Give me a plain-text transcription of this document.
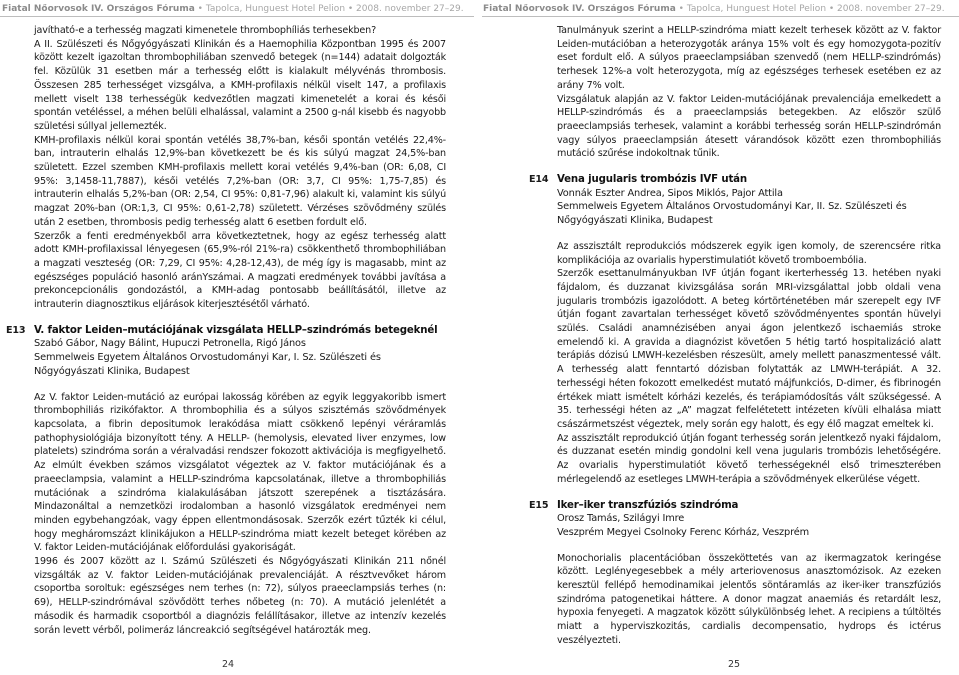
Fiatal Nőorvosok IV. Országos Fóruma • Tapolca, Hunguest Hotel Pelion • 2008. november 27–29.	Fiatal Nőorvosok IV. Országos Fóruma • Tapolca, Hunguest Hotel Pelion • 2008. november 27–29.

javítható-e a terhesség magzati kimenetele thrombophíliás terhesekben?

A II. Szülészeti és Nőgyógyászati Klinikán és a Haemophilia Központban 1995 és 2007 között kezelt igazoltan thrombophiliában szenvedő betegek (n=144) adatait dolgozták fel. Közülük 31 esetben már a terhesség előtt is kialakult mélyvénás thrombosis. Összesen 285 terhességet vizsgálva, a KMH-profilaxis nélkül viselt 147, a profilaxis mellett viselt 138 terhességük kedvezőtlen magzati kimenetelét a korai és késői spontán vetéléssel, a méhen belüli elhalással, valamint a 2500 g-nál kisebb és nagyobb születési súllyal jellemezték.

KMH-profilaxis nélkül korai spontán vetélés 38,7%-ban, késői spontán vetélés 22,4%-ban, intrauterin elhalás 12,9%-ban következett be és kis súlyú magzat 24,5%-ban született. Ezzel szemben KMH-profilaxis mellett korai vetélés 9,4%-ban (OR: 6,08, CI 95%: 3,1458-11,7887), késői vetélés 7,2%-ban (OR: 3,7, CI 95%: 1,75-7,85) és intrauterin elhalás 5,2%-ban (OR: 2,54, CI 95%: 0,81-7,96) alakult ki, valamint kis súlyú magzat 20%-ban (OR:1,3, CI 95%: 0,61-2,78) született. Vérzéses szövődmény szülés után 2 esetben, thrombosis pedig terhesség alatt 6 esetben fordult elő.

Szerzők a fenti eredményekből arra következtetnek, hogy az egész terhesség alatt adott KMH-profilaxissal lényegesen (65,9%-ról 21%-ra) csökkenthető thrombophiliában a magzati veszteség (OR: 7,29, CI 95%: 4,28-12,43), de még így is magasabb, mint az egészséges populáció hasonló aránYszámai. A magzati eredmények további javítása a prekoncepcionális gondozástól, a KMH-adag pontosabb beállításától, illetve az intrauterin diagnosztikus eljárások kiterjesztésétől várható.

E13 V. faktor Leiden–mutációjának vizsgálata HELLP–szindrómás betegeknél
Szabó Gábor, Nagy Bálint, Hupuczi Petronella, Rigó János
Semmelweis Egyetem Általános Orvostudományi Kar, I. Sz. Szülészeti és Nőgyógyászati Klinika, Budapest

Az V. faktor Leiden-mutáció az európai lakosság körében az egyik leggyakoribb ismert thrombophiliás rizikófaktor. A thrombophilia és a súlyos szisztémás szövődmények kapcsolata, a fibrin depositumok lerakódása miatt csökkenő lepényi véráramlás pathophysiológiája bizonyított tény. A HELLP- (hemolysis, elevated liver enzymes, low platelets) szindróma során a véralvadási rendszer fokozott aktivációja is megfigyelhető. Az elmúlt években számos vizsgálatot végeztek az V. faktor mutációjának és a praeeclampsia, valamint a HELLP-szindróma kapcsolatának, illetve a thrombophiliás mutációnak a szindróma kialakulásában játszott szerepének a tisztázására. Mindazonáltal a nemzetközi irodalomban a hasonló vizsgálatok eredményei nem minden egybehangzóak, vagy éppen ellentmondásosak. Szerzők ezért tűzték ki célul, hogy megháromszázt klinikájukon a HELLP-szindróma miatt kezelt beteget körében az V. faktor Leiden-mutációjának előfordulási gyakoriságát.

1996 és 2007 között az I. Számú Szülészeti és Nőgyógyászati Klinikán 211 nőnél vizsgálták az V. faktor Leiden-mutációjának prevalenciáját. A résztvevőket három csoportba soroltuk: egészséges nem terhes (n: 72), súlyos praeeclampsiás terhes (n: 69), HELLP-szindrómával szövődött terhes nőbeteg (n: 70). A mutáció jelenlétét a második és harmadik csoportból a diagnózis felállításakor, illetve az intenzív kezelés során levett vérből, polimeráz láncreakció segítségével határozták meg.

Tanulmányuk szerint a HELLP-szindróma miatt kezelt terhesek között az V. faktor Leiden-mutációban a heterozygoták aránya 15% volt és egy homozygota-pozitív eset fordult elő. A súlyos praeeclampsiában szenvedő (nem HELLP-szindrómás) terhesek 12%-a volt heterozygota, míg az egészséges terhesek esetében ez az arány 7% volt.

Vizsgálatuk alapján az V. faktor Leiden-mutációjának prevalenciája emelkedett a HELLP-szindrómás és a praeeclampsiás betegekben. Az először szülő praeeclampsiás terhesek, valamint a korábbi terhesség során HELLP-szindrómán vagy súlyos praeeclampsián átesett várandósok között ezen thrombophiliás mutáció szűrése indokoltnak tűnik.

E14 Vena jugularis trombózis IVF után
Vonnák Eszter Andrea, Sipos Miklós, Pajor Attila
Semmelweis Egyetem Általános Orvostudományi Kar, II. Sz. Szülészeti és Nőgyógyászati Klinika, Budapest

Az asszisztált reprodukciós módszerek egyik igen komoly, de szerencsére ritka komplikációja az ovarialis hyperstimulatiót követő tromboembólia.

Szerzők esettanulmányukban IVF útján fogant ikerterhesség 13. hetében nyaki fájdalom, és duzzanat kivizsgálása során MRI-vizsgálattal jobb oldali vena jugularis trombózis igazolódott. A beteg kórtörténetében már szerepelt egy IVF útján fogant zavartalan terhességet követő szövődményentes spontán hüvelyi szülés. Családi anamnézisében anyai ágon jelentkező ischaemiás stroke emelendő ki. A gravida a diagnózist követően 5 hétig tartó hospitalizáció alatt terápiás dózisú LMWH-kezelésben részesült, amely mellett panaszmentessé vált. A terhesség alatt fenntartó dózisban folytatták az LMWH-terápiát. A 32. terhességi héten fokozott emelkedést mutató májfunkciós, D-dimer, és fibrinogén értékek miatt ismételt kórházi kezelés, és terápiamódosítás vált szükségessé. A 35. terhességi héten az „A” magzat felfelétetett intézeten kívüli elhalása miatt császármetszést végeztek, mely során egy halott, és egy élő magzat emeltek ki.

Az asszisztált reprodukció útján fogant terhesség során jelentkező nyaki fájdalom, és duzzanat esetén mindig gondolni kell vena jugularis trombózis lehetőségére. Az ovarialis hyperstimulatiót követő terhességeknél első trimeszterében mérlegelendő az esetleges LMWH-terápia a szövődmények elkerülése végett.

E15 Iker–iker transzfúziós szindróma
Orosz Tamás, Szilágyi Imre
Veszprém Megyei Csolnoky Ferenc Kórház, Veszprém

Monochorialis placentációban összeköttetés van az ikermagzatok keringése között. Leglényegesebbek a mély arteriovenosus anasztomózisok. Az ezeken keresztül fellépő hemodinamikai jelentős söntáramlás az iker-iker transzfúziós szindróma patogenetikai háttere. A donor magzat anaemiás és retardált lesz, hypoxia fenyegeti. A magzatok között súlykülönbség lehet. A recipiens a túltöltés miatt a hyperviszkozitás, cardialis decompensatio, hydrops és ictérus veszélyezteti.

24	25
